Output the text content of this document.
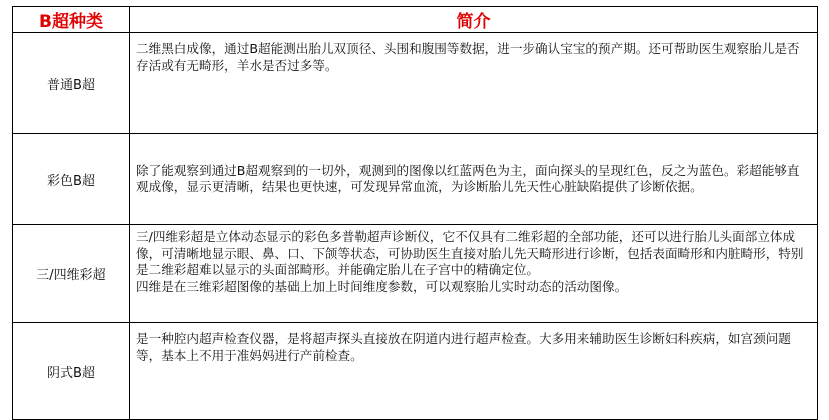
B超种类	简介
普通B超	二维黑白成像，通过B超能测出胎儿双顶径、头围和腹围等数据，进一步确认宝宝的预产期。还可帮助医生观察胎儿是否存活或有无畸形，羊水是否过多等。

彩色B超	除了能观察到通过B超观察到的一切外，观测到的图像以红蓝两色为主，面向探头的呈现红色，反之为蓝色。彩超能够直观成像，显示更清晰，结果也更快速，可发现异常血流，为诊断胎儿先天性心脏缺陷提供了诊断依据。

三/四维彩超	三/四维彩超是立体动态显示的彩色多普勒超声诊断仪，它不仅具有二维彩超的全部功能，还可以进行胎儿头面部立体成像，可清晰地显示眼、鼻、口、下颌等状态，可协助医生直接对胎儿先天畸形进行诊断，包括表面畸形和内脏畸形，特别是二维彩超难以显示的头面部畸形。并能确定胎儿在子宫中的精确定位。

四维是在三维彩超图像的基础上加上时间维度参数，可以观察胎儿实时动态的活动图像。

阴式B超	是一种腔内超声检查仪器，是将超声探头直接放在阴道内进行超声检查。大多用来辅助医生诊断妇科疾病，如宫颈问题等，基本上不用于准妈妈进行产前检查。
